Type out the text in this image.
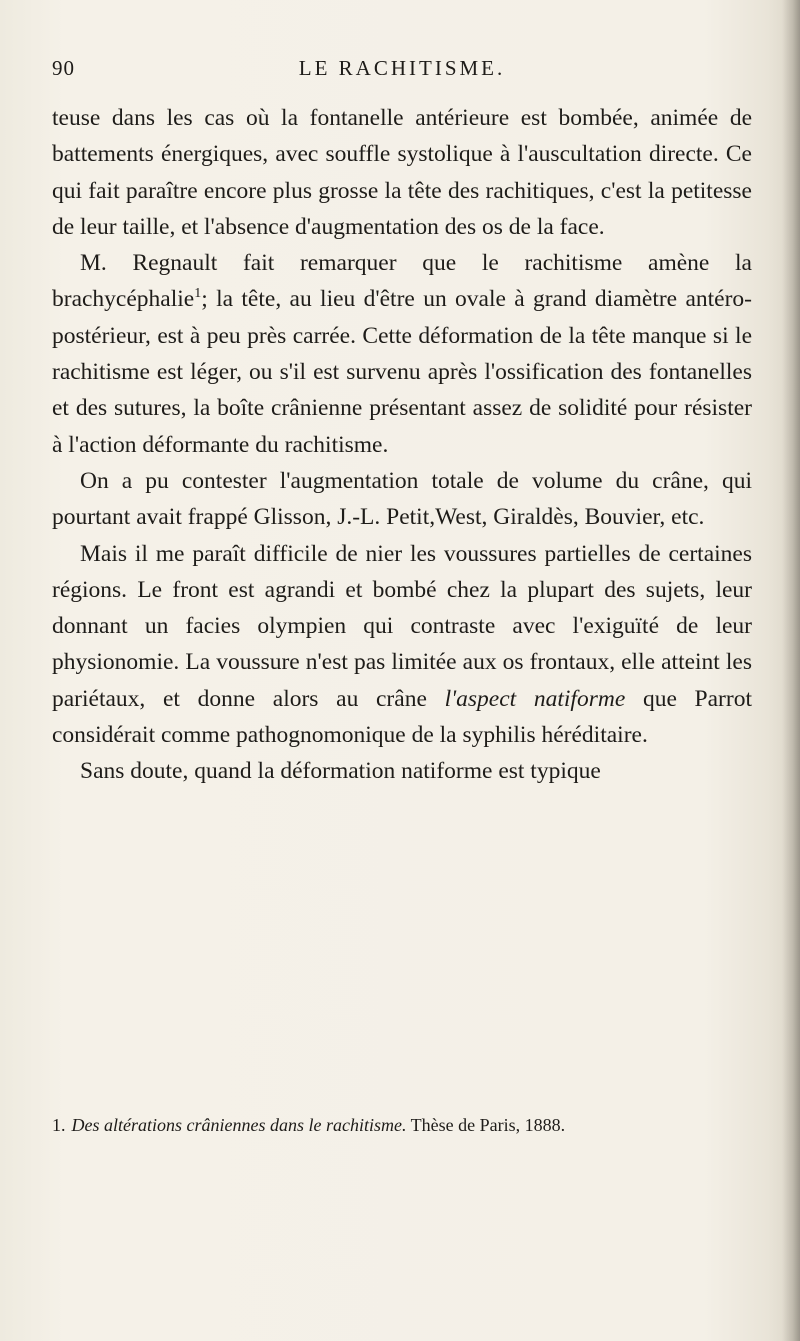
90	LE RACHITISME.

teuse dans les cas où la fontanelle antérieure est bombée, animée de battements énergiques, avec souffle systolique à l'auscultation directe. Ce qui fait paraître encore plus grosse la tête des rachitiques, c'est la petitesse de leur taille, et l'absence d'augmentation des os de la face.

M. Regnault fait remarquer que le rachitisme amène la brachycéphalie$^1$; la tête, au lieu d'être un ovale à grand diamètre antéro-postérieur, est à peu près carrée. Cette déformation de la tête manque si le rachitisme est léger, ou s'il est survenu après l'ossification des fontanelles et des sutures, la boîte crânienne présentant assez de solidité pour résister à l'action déformante du rachitisme.

On a pu contester l'augmentation totale de volume du crâne, qui pourtant avait frappé Glisson, J.-L. Petit,West, Giraldès, Bouvier, etc.

Mais il me paraît difficile de nier les voussures partielles de certaines régions. Le front est agrandi et bombé chez la plupart des sujets, leur donnant un facies olympien qui contraste avec l'exiguïté de leur physionomie. La voussure n'est pas limitée aux os frontaux, elle atteint les pariétaux, et donne alors au crâne l'aspect natiforme que Parrot considérait comme pathognomonique de la syphilis héréditaire.

Sans doute, quand la déformation natiforme est typique

1. Des altérations crâniennes dans le rachitisme. Thèse de Paris, 1888.
